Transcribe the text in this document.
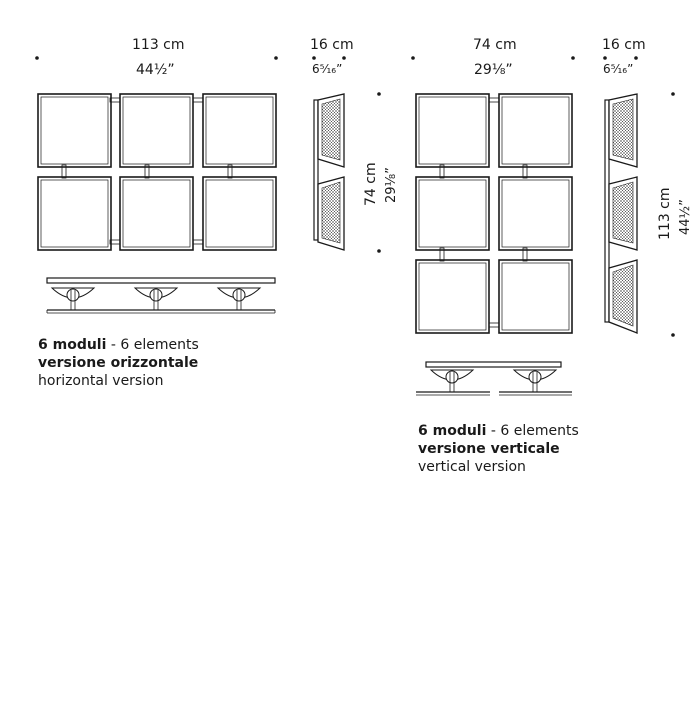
113 cm
44½”
16 cm
6⁵⁄₁₆”
74 cm 29⅛”
74 cm
29⅛”
16 cm
6⁵⁄₁₆”
113 cm 44½”
6 moduli - 6 elements
versione orizzontale
horizontal version
6 moduli - 6 elements
versione verticale
vertical version
